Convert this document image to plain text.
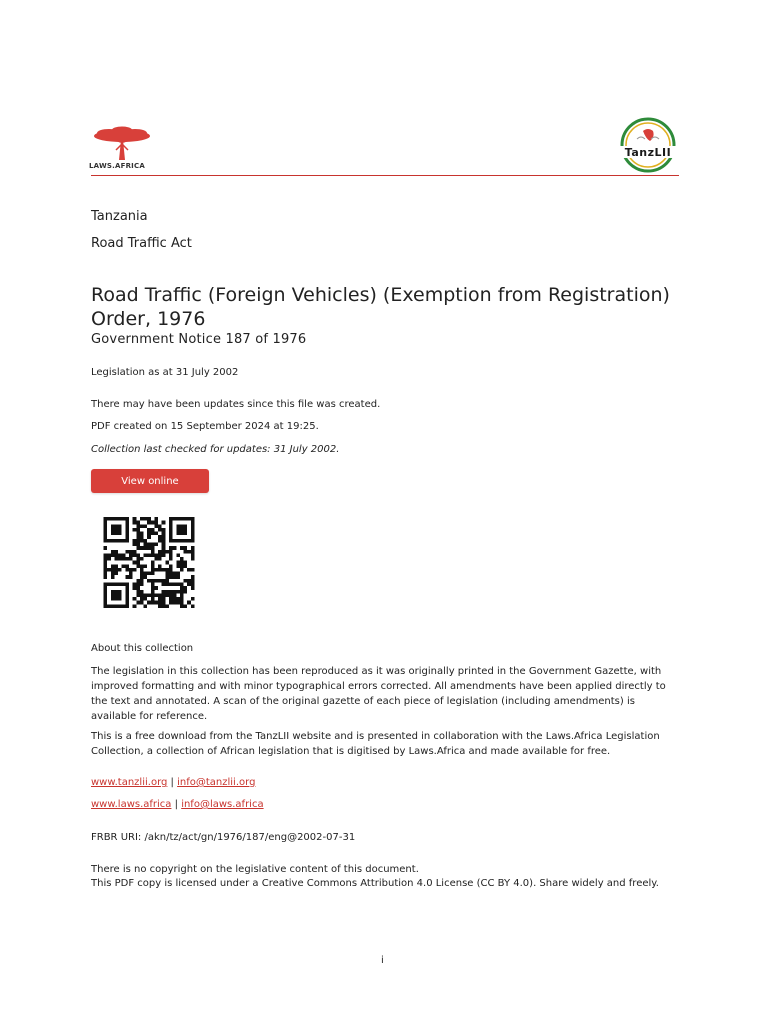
LAWS.AFRICA
TanzLII
Tanzania
Road Traffic Act
Road Traffic (Foreign Vehicles) (Exemption from Registration) Order, 1976
Government Notice 187 of 1976
Legislation as at 31 July 2002
There may have been updates since this file was created.
PDF created on 15 September 2024 at 19:25.
Collection last checked for updates: 31 July 2002.
View online
About this collection
The legislation in this collection has been reproduced as it was originally printed in the Government Gazette, with improved formatting and with minor typographical errors corrected. All amendments have been applied directly to the text and annotated. A scan of the original gazette of each piece of legislation (including amendments) is available for reference.
This is a free download from the TanzLII website and is presented in collaboration with the Laws.Africa Legislation Collection, a collection of African legislation that is digitised by Laws.Africa and made available for free.
www.tanzlii.org | info@tanzlii.org
www.laws.africa | info@laws.africa
FRBR URI: /akn/tz/act/gn/1976/187/eng@2002-07-31
There is no copyright on the legislative content of this document.
This PDF copy is licensed under a Creative Commons Attribution 4.0 License (CC BY 4.0). Share widely and freely.
i
